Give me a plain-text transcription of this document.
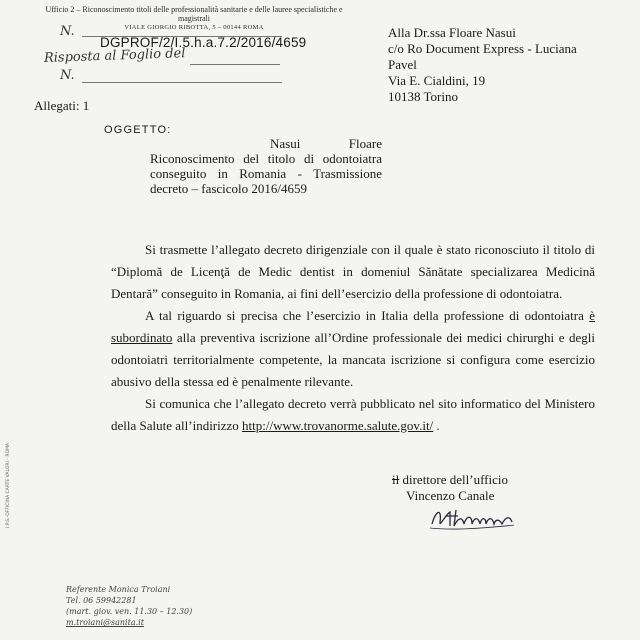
Ufficio 2 – Riconoscimento titoli delle professionalità sanitarie e delle lauree specialistiche e magistrali
VIALE GIORGIO RIBOTTA, 5 – 00144 ROMA
N.
DGPROF/2/I.5.h.a.7.2/2016/4659
Risposta al Foglio del
N.
Alla Dr.ssa Floare Nasui
c/o Ro Document Express - Luciana
Pavel
Via E. Cialdini, 19
10138 Torino
Allegati: 1
OGGETTO:
Nasui	Floare
Riconoscimento del titolo di odontoiatra conseguito in Romania - Trasmissione decreto – fascicolo 2016/4659

Si trasmette l’allegato decreto dirigenziale con il quale è stato riconosciuto il titolo di “Diplomă de Licenţă de Medic dentist in domeniul Sănătate specializarea Medicină Dentară” conseguito in Romania, ai fini dell’esercizio della professione di odontoiatra.

A tal riguardo si precisa che l’esercizio in Italia della professione di odontoiatra è subordinato alla preventiva iscrizione all’Ordine professionale dei medici chirurghi e degli odontoiatri territorialmente competente, la mancata iscrizione si configura come esercizio abusivo della stessa ed è penalmente rilevante.

Si comunica che l’allegato decreto verrà pubblicato nel sito informatico del Ministero della Salute all’indirizzo http://www.trovanorme.salute.gov.it/ .

il direttore dell’ufficio
Vincenzo Canale
I.P.S.-OFFICINA CARTE VALORI - ROMA
Referente Monica Troiani
Tel. 06 59942281
(mart. giov. ven. 11.30 – 12.30)
m.troiani@sanita.it
